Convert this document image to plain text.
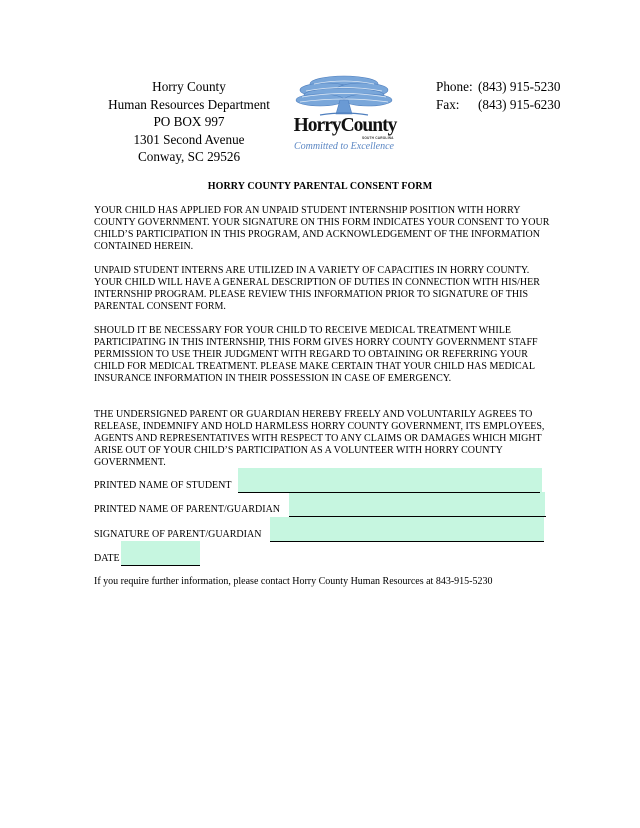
Horry County
Human Resources Department
PO BOX 997
1301 Second Avenue
Conway, SC 29526
HorryCounty
SOUTH CAROLINA
Committed to Excellence
Phone: (843) 915-5230
Fax:	(843) 915-6230
HORRY COUNTY PARENTAL CONSENT FORM

YOUR CHILD HAS APPLIED FOR AN UNPAID STUDENT INTERNSHIP POSITION WITH HORRY COUNTY GOVERNMENT. YOUR SIGNATURE ON THIS FORM INDICATES YOUR CONSENT TO YOUR CHILD’S PARTICIPATION IN THIS PROGRAM, AND ACKNOWLEDGEMENT OF THE INFORMATION CONTAINED HEREIN.

UNPAID STUDENT INTERNS ARE UTILIZED IN A VARIETY OF CAPACITIES IN HORRY COUNTY. YOUR CHILD WILL HAVE A GENERAL DESCRIPTION OF DUTIES IN CONNECTION WITH HIS/HER INTERNSHIP PROGRAM. PLEASE REVIEW THIS INFORMATION PRIOR TO SIGNATURE OF THIS PARENTAL CONSENT FORM.

SHOULD IT BE NECESSARY FOR YOUR CHILD TO RECEIVE MEDICAL TREATMENT WHILE PARTICIPATING IN THIS INTERNSHIP, THIS FORM GIVES HORRY COUNTY GOVERNMENT STAFF PERMISSION TO USE THEIR JUDGMENT WITH REGARD TO OBTAINING OR REFERRING YOUR CHILD FOR MEDICAL TREATMENT. PLEASE MAKE CERTAIN THAT YOUR CHILD HAS MEDICAL INSURANCE INFORMATION IN THEIR POSSESSION IN CASE OF EMERGENCY.

THE UNDERSIGNED PARENT OR GUARDIAN HEREBY FREELY AND VOLUNTARILY AGREES TO RELEASE, INDEMNIFY AND HOLD HARMLESS HORRY COUNTY GOVERNMENT, ITS EMPLOYEES, AGENTS AND REPRESENTATIVES WITH RESPECT TO ANY CLAIMS OR DAMAGES WHICH MIGHT ARISE OUT OF YOUR CHILD’S PARTICIPATION AS A VOLUNTEER WITH HORRY COUNTY GOVERNMENT.

PRINTED NAME OF STUDENT
PRINTED NAME OF PARENT/GUARDIAN
SIGNATURE OF PARENT/GUARDIAN
DATE
If you require further information, please contact Horry County Human Resources at 843-915-5230
